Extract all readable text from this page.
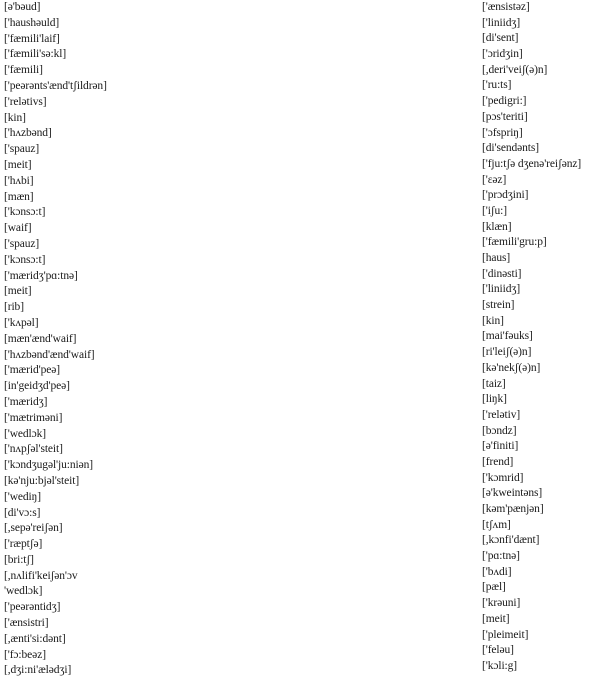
[ə'bəud]
['haushəuld]
['fæmili'laif]
['fæmili'sə:kl]
['fæmili]
['peərənts'ænd'tʃildrən]
['relətivs]
[kin]
['hʌzbənd]
['spauz]
[meit]
['hʌbi]
[mæn]
['kɔnsɔ:t]
[waif]
['spauz]
['kɔnsɔ:t]
['mæridʒ'pɑ:tnə]
[meit]
[rib]
['kʌpəl]
[mæn'ænd'waif]
['hʌzbənd'ænd'waif]
['mærid'peə]
[in'geidʒd'peə]
['mæridʒ]
['mætriməni]
['wedlɔk]
['nʌpʃəl'steit]
['kɔndʒugəl'ju:niən]
[kə'nju:bjəl'steit]
['wediŋ]
[di'vɔ:s]
[,sepə'reiʃən]
['ræptʃə]
[bri:tʃ]
[,nʌlifi'keiʃən'ɔv
'wedlɔk]
['peərəntidʒ]
['ænsistri]
[,ænti'si:dənt]
['fɔ:beəz]
[,dʒi:ni'ælədʒi]
['ænsistəz]
['liniidʒ]
[di'sent]
['ɔridʒin]
[,deri'veiʃ(ə)n]
['ru:ts]
['pedigri:]
[pɔs'teriti]
['ɔfspriŋ]
[di'sendənts]
['fju:tʃə dʒenə'reiʃənz]
['ɛəz]
['prɔdʒini]
['iʃu:]
[klæn]
['fæmili'gru:p]
[haus]
['dinəsti]
['liniidʒ]
[strein]
[kin]
[mai'fəuks]
[ri'leiʃ(ə)n]
[kə'nekʃ(ə)n]
[taiz]
[liŋk]
['relətiv]
[bɔndz]
[ə'finiti]
[frend]
['kɔmrid]
[ə'kweintəns]
[kəm'pænjən]
[tʃʌm]
[,kɔnfi'dænt]
['pɑ:tnə]
['bʌdi]
[pæl]
['krəuni]
[meit]
['pleimeit]
['feləu]
['kɔli:g]
